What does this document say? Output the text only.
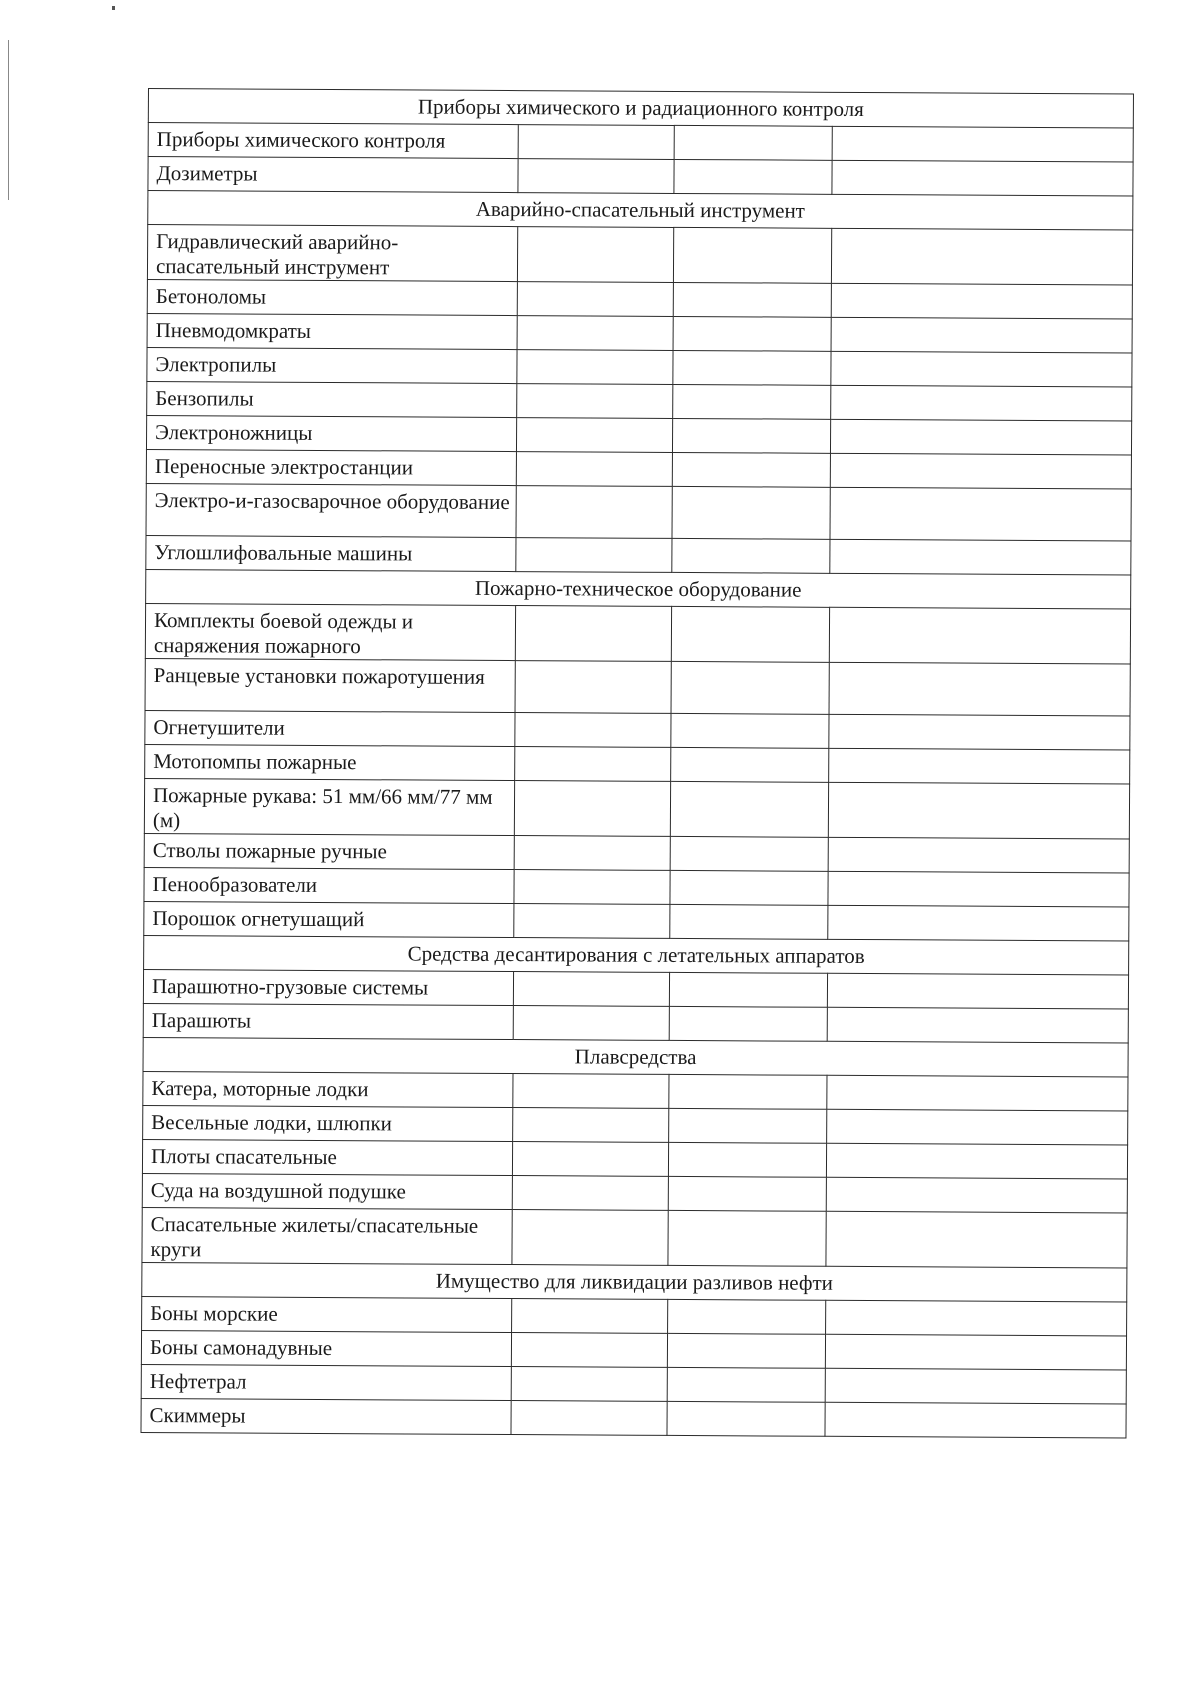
Приборы химического и радиационного контроля			
Приборы химического контроля			
Дозиметры			
Аварийно-спасательный инструмент			
Гидравлический аварийно-спасательный инструмент			
Бетоноломы			
Пневмодомкраты			
Электропилы			
Бензопилы			
Электроножницы			
Переносные электростанции			
Электро-и-газосварочное оборудование			
Углошлифовальные машины			
Пожарно-техническое оборудование			
Комплекты боевой одежды и снаряжения пожарного			
Ранцевые установки пожаротушения			
Огнетушители			
Мотопомпы пожарные			
Пожарные рукава: 51 мм/66 мм/77 мм (м)			
Стволы пожарные ручные			
Пенообразователи			
Порошок огнетушащий			
Средства десантирования с летательных аппаратов			
Парашютно-грузовые системы			
Парашюты			
Плавсредства			
Катера, моторные лодки			
Весельные лодки, шлюпки			
Плоты спасательные			
Суда на воздушной подушке			
Спасательные жилеты/спасательные круги			
Имущество для ликвидации разливов нефти			
Боны морские			
Боны самонадувные			
Нефтетрал			
Скиммеры			
